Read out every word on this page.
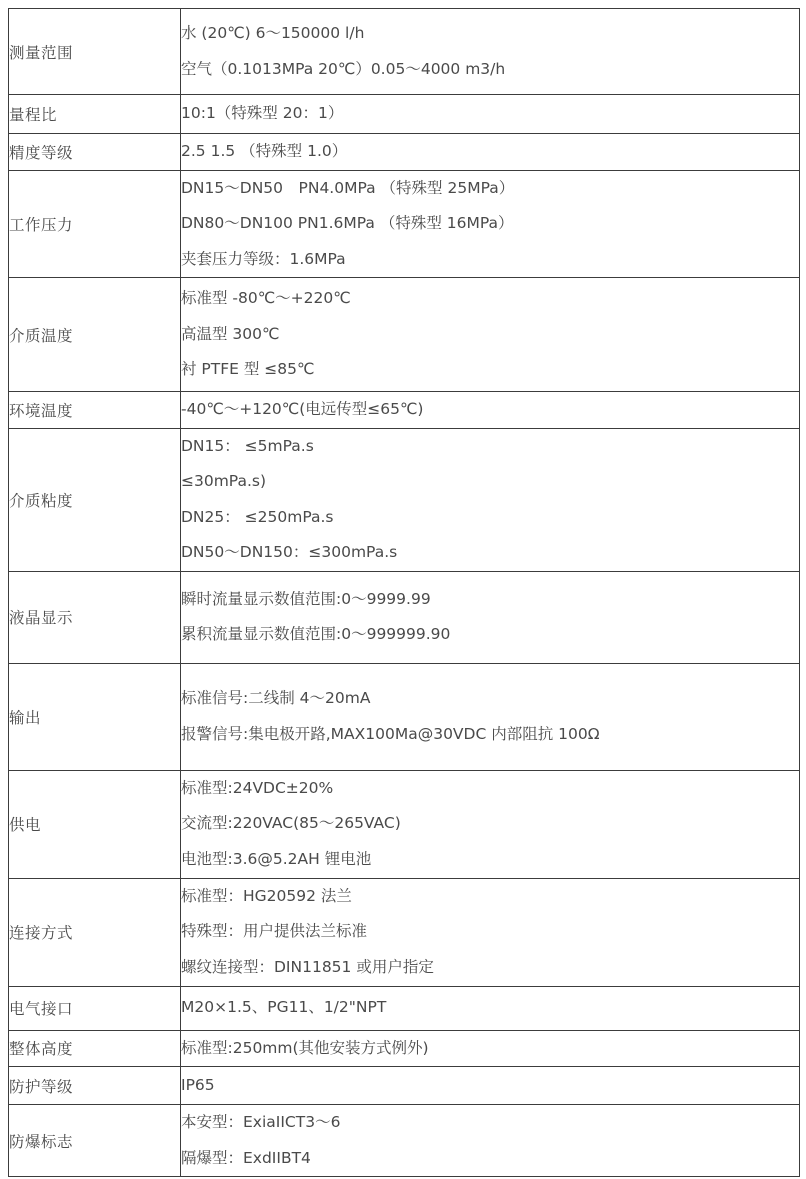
测量范围	水 (20℃) 6～150000 l/h
空气（0.1013MPa 20℃）0.05～4000 m3/h

量程比	10:1（特殊型 20：1）

精度等级	2.5 1.5 （特殊型 1.0）

工作压力	DN15～DN50　PN4.0MPa （特殊型 25MPa）
DN80～DN100 PN1.6MPa （特殊型 16MPa）
夹套压力等级：1.6MPa

介质温度	标准型 -80℃～+220℃
高温型 300℃
衬 PTFE 型 ≤85℃

环境温度	-40℃～+120℃(电远传型≤65℃)

介质粘度	DN15： ≤5mPa.s
≤30mPa.s)
DN25： ≤250mPa.s
DN50～DN150：≤300mPa.s

液晶显示	瞬时流量显示数值范围:0～9999.99
累积流量显示数值范围:0～999999.90

输出	标准信号:二线制 4～20mA
报警信号:集电极开路,MAX100Ma@30VDC 内部阻抗 100Ω

供电	标准型:24VDC±20%
交流型:220VAC(85～265VAC)
电池型:3.6@5.2AH 锂电池

连接方式	标准型：HG20592 法兰
特殊型：用户提供法兰标准
螺纹连接型：DIN11851 或用户指定

电气接口	M20×1.5、PG11、1/2"NPT

整体高度	标准型:250mm(其他安装方式例外)

防护等级	IP65

防爆标志	本安型：ExiaIICT3～6
隔爆型：ExdIIBT4
